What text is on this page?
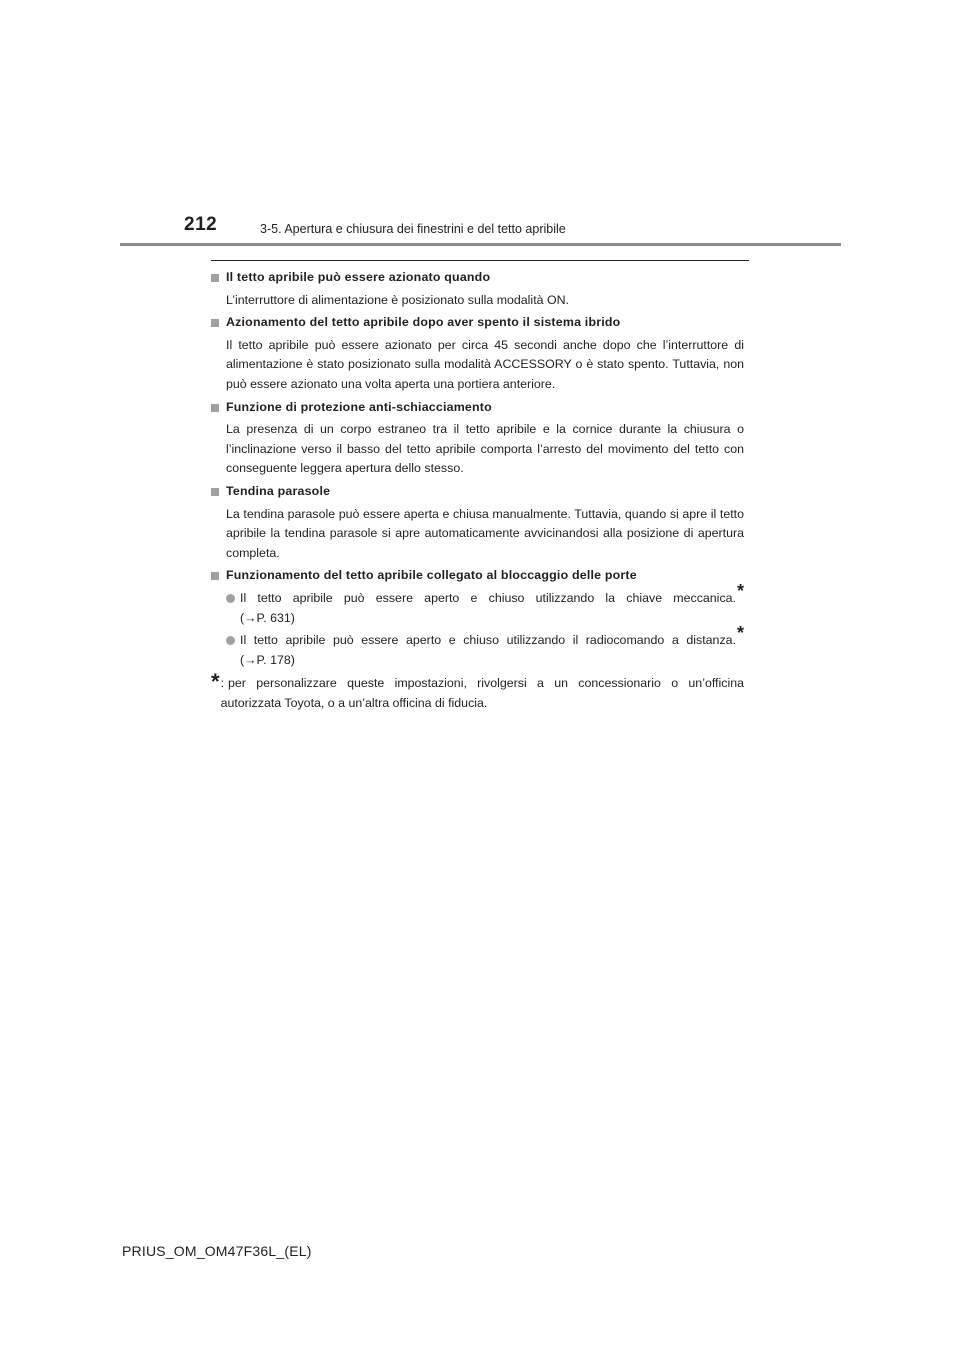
212	3-5. Apertura e chiusura dei finestrini e del tetto apribile
Il tetto apribile può essere azionato quando

L’interruttore di alimentazione è posizionato sulla modalità ON.

Azionamento del tetto apribile dopo aver spento il sistema ibrido

Il tetto apribile può essere azionato per circa 45 secondi anche dopo che l’interruttore di alimentazione è stato posizionato sulla modalità ACCESSORY o è stato spento. Tuttavia, non può essere azionato una volta aperta una portiera anteriore.

Funzione di protezione anti-schiacciamento

La presenza di un corpo estraneo tra il tetto apribile e la cornice durante la chiusura o l’inclinazione verso il basso del tetto apribile comporta l’arresto del movimento del tetto con conseguente leggera apertura dello stesso.

Tendina parasole

La tendina parasole può essere aperta e chiusa manualmente. Tuttavia, quando si apre il tetto apribile la tendina parasole si apre automaticamente avvicinandosi alla posizione di apertura completa.

Funzionamento del tetto apribile collegato al bloccaggio delle porte
Il tetto apribile può essere aperto e chiuso utilizzando la chiave meccanica.*
(→P. 631)
Il tetto apribile può essere aperto e chiuso utilizzando il radiocomando a distanza.*
(→P. 178)
* : per personalizzare queste impostazioni, rivolgersi a un concessionario o un’officina autorizzata Toyota, o a un’altra officina di fiducia.
PRIUS_OM_OM47F36L_(EL)
